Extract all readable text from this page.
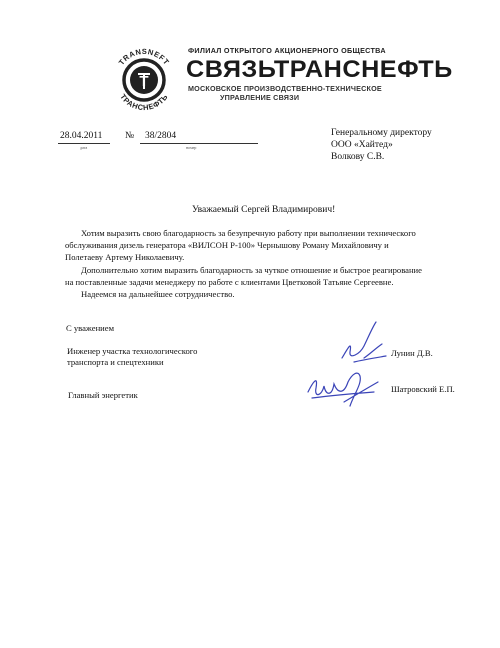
Т
TRANSNEFT
ТРАНСНЕФТЬ
ФИЛИАЛ ОТКРЫТОГО АКЦИОНЕРНОГО ОБЩЕСТВА
СВЯЗЬТРАНСНЕФТЬ
МОСКОВСКОЕ ПРОИЗВОДСТВЕННО-ТЕХНИЧЕСКОЕ
УПРАВЛЕНИЕ СВЯЗИ
28.04.2011
дата
№ 38/2804
номер
Генеральному директору
ООО «Хайтед»
Волкову С.В.
Уважаемый Сергей Владимирович!
Хотим выразить свою благодарность за безупречную работу при выполнении технического
обслуживания дизель генератора «ВИЛСОН Р-100» Чернышову Роману Михайловичу и
Полетаеву Артему Николаевичу.
Дополнительно хотим выразить благодарность за чуткое отношение и быстрое реагирование
на поставленные задачи менеджеру по работе с клиентами Цветковой Татьяне Сергеевне.
Надеемся на дальнейшее сотрудничество.
С уважением
Инженер участка технологического
транспорта и спецтехники
Лунин Д.В.
Главный энергетик
Шатровский Е.П.
